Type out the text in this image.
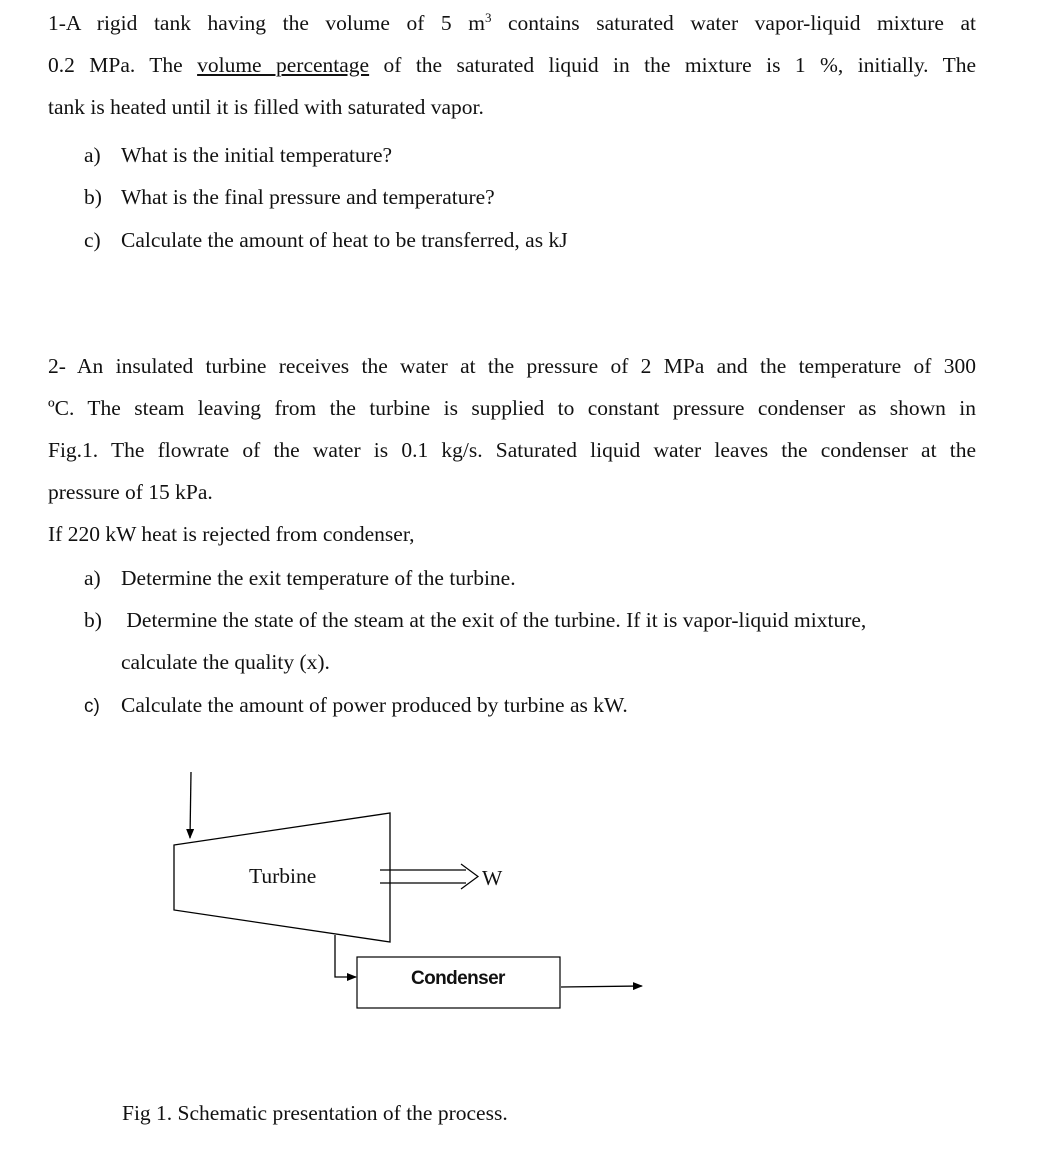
1-A rigid tank having the volume of 5 $m^3$ contains saturated water vapor-liquid mixture at
0.2 MPa. The volume percentage of the saturated liquid in the mixture is 1 %, initially. The
tank is heated until it is filled with saturated vapor.
a) What is the initial temperature?
b) What is the final pressure and temperature?
c) Calculate the amount of heat to be transferred, as kJ
2- An insulated turbine receives the water at the pressure of 2 MPa and the temperature of 300
ºC. The steam leaving from the turbine is supplied to constant pressure condenser as shown in
Fig.1. The flowrate of the water is 0.1 kg/s. Saturated liquid water leaves the condenser at the
pressure of 15 kPa.
If 220 kW heat is rejected from condenser,
a) Determine the exit temperature of the turbine.
b) Determine the state of the steam at the exit of the turbine. If it is vapor-liquid mixture,
calculate the quality (x).
c) Calculate the amount of power produced by turbine as kW.
Turbine	W
Condenser
Fig 1. Schematic presentation of the process.
